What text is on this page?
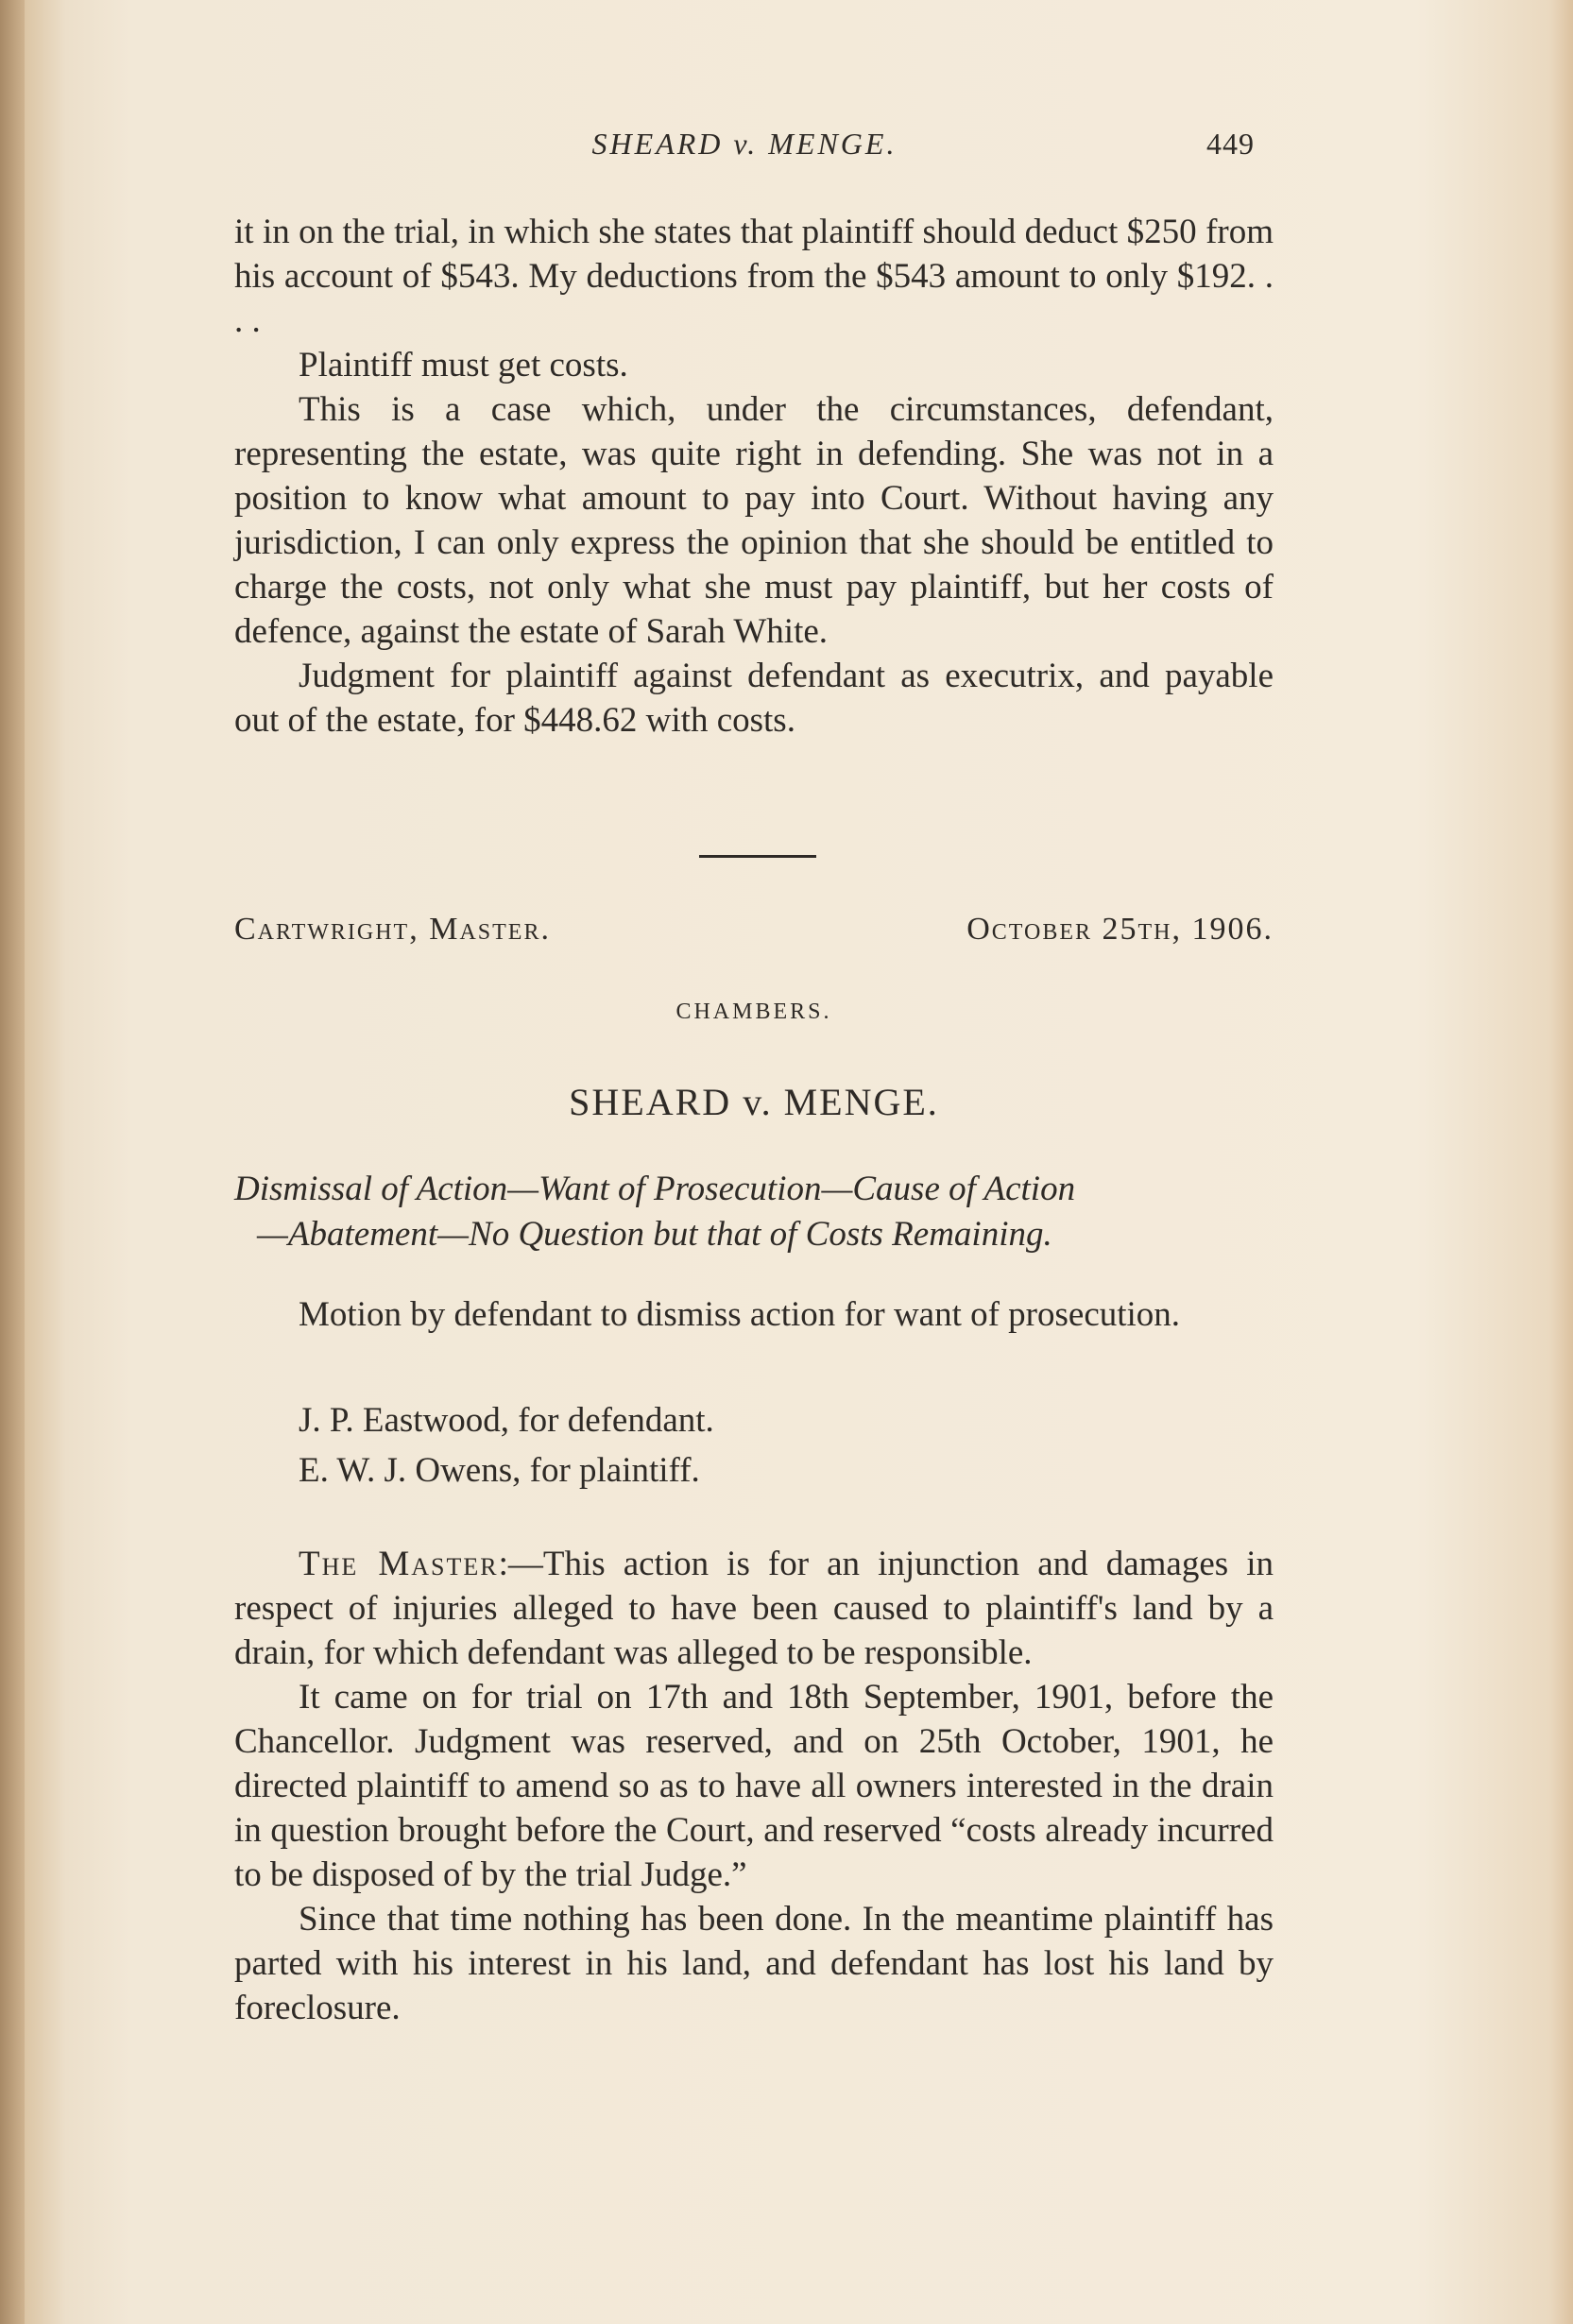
SHEARD v. MENGE.	449

it in on the trial, in which she states that plaintiff should deduct $250 from his account of $543. My deductions from the $543 amount to only $192. . . .

Plaintiff must get costs.

This is a case which, under the circumstances, defendant, representing the estate, was quite right in defending. She was not in a position to know what amount to pay into Court. Without having any jurisdiction, I can only express the opinion that she should be entitled to charge the costs, not only what she must pay plaintiff, but her costs of defence, against the estate of Sarah White.

Judgment for plaintiff against defendant as executrix, and payable out of the estate, for $448.62 with costs.

Cartwright, Master.	October 25th, 1906.
CHAMBERS.
SHEARD v. MENGE.
Dismissal of Action—Want of Prosecution—Cause of Action
—Abatement—No Question but that of Costs Remaining.

Motion by defendant to dismiss action for want of prosecution.

J. P. Eastwood, for defendant.

E. W. J. Owens, for plaintiff.

The Master:—This action is for an injunction and damages in respect of injuries alleged to have been caused to plaintiff's land by a drain, for which defendant was alleged to be responsible.

It came on for trial on 17th and 18th September, 1901, before the Chancellor. Judgment was reserved, and on 25th October, 1901, he directed plaintiff to amend so as to have all owners interested in the drain in question brought before the Court, and reserved “costs already incurred to be disposed of by the trial Judge.”

Since that time nothing has been done. In the meantime plaintiff has parted with his interest in his land, and defendant has lost his land by foreclosure.
